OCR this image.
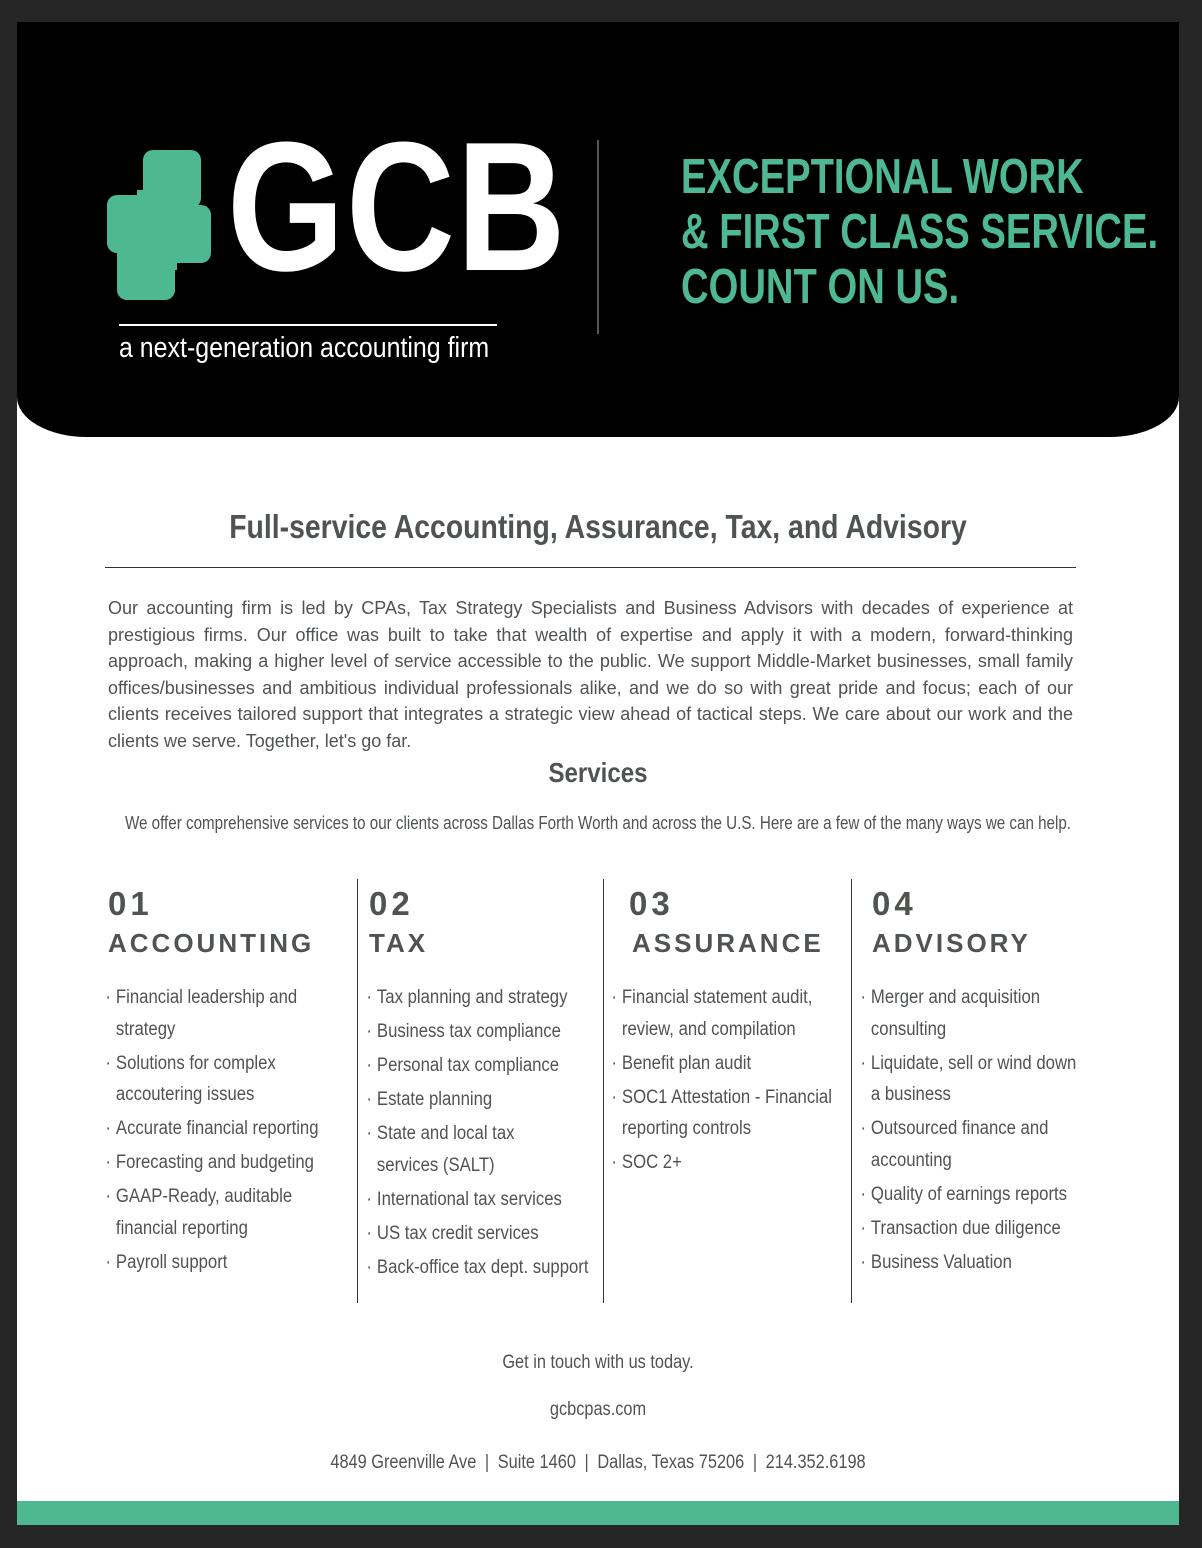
GCB
a next-generation accounting firm
EXCEPTIONAL WORK
& FIRST CLASS SERVICE.
COUNT ON US.
Full-service Accounting, Assurance, Tax, and Advisory

Our accounting firm is led by CPAs, Tax Strategy Specialists and Business Advisors with decades of experience at prestigious firms. Our office was built to take that wealth of expertise and apply it with a modern, forward-thinking approach, making a higher level of service accessible to the public. We support Middle-Market businesses, small family offices/businesses and ambitious individual professionals alike, and we do so with great pride and focus; each of our clients receives tailored support that integrates a strategic view ahead of tactical steps. We care about our work and the clients we serve. Together, let's go far.

Services
We offer comprehensive services to our clients across Dallas Forth Worth and across the U.S. Here are a few of the many ways we can help.
01
ACCOUNTING
· Financial leadership and strategy
· Solutions for complex accoutering issues
· Accurate financial reporting
· Forecasting and budgeting
· GAAP-Ready, auditable financial reporting
· Payroll support
02
TAX
· Tax planning and strategy
· Business tax compliance
· Personal tax compliance
· Estate planning
· State and local tax services (SALT)
· International tax services
· US tax credit services
· Back-office tax dept. support
03
ASSURANCE
· Financial statement audit, review, and compilation
· Benefit plan audit
· SOC1 Attestation - Financial reporting controls
· SOC 2+
04
ADVISORY
· Merger and acquisition consulting
· Liquidate, sell or wind down a business
· Outsourced finance and accounting
· Quality of earnings reports
· Transaction due diligence
· Business Valuation
Get in touch with us today.
gcbcpas.com
4849 Greenville Ave | Suite 1460 | Dallas, Texas 75206 | 214.352.6198
